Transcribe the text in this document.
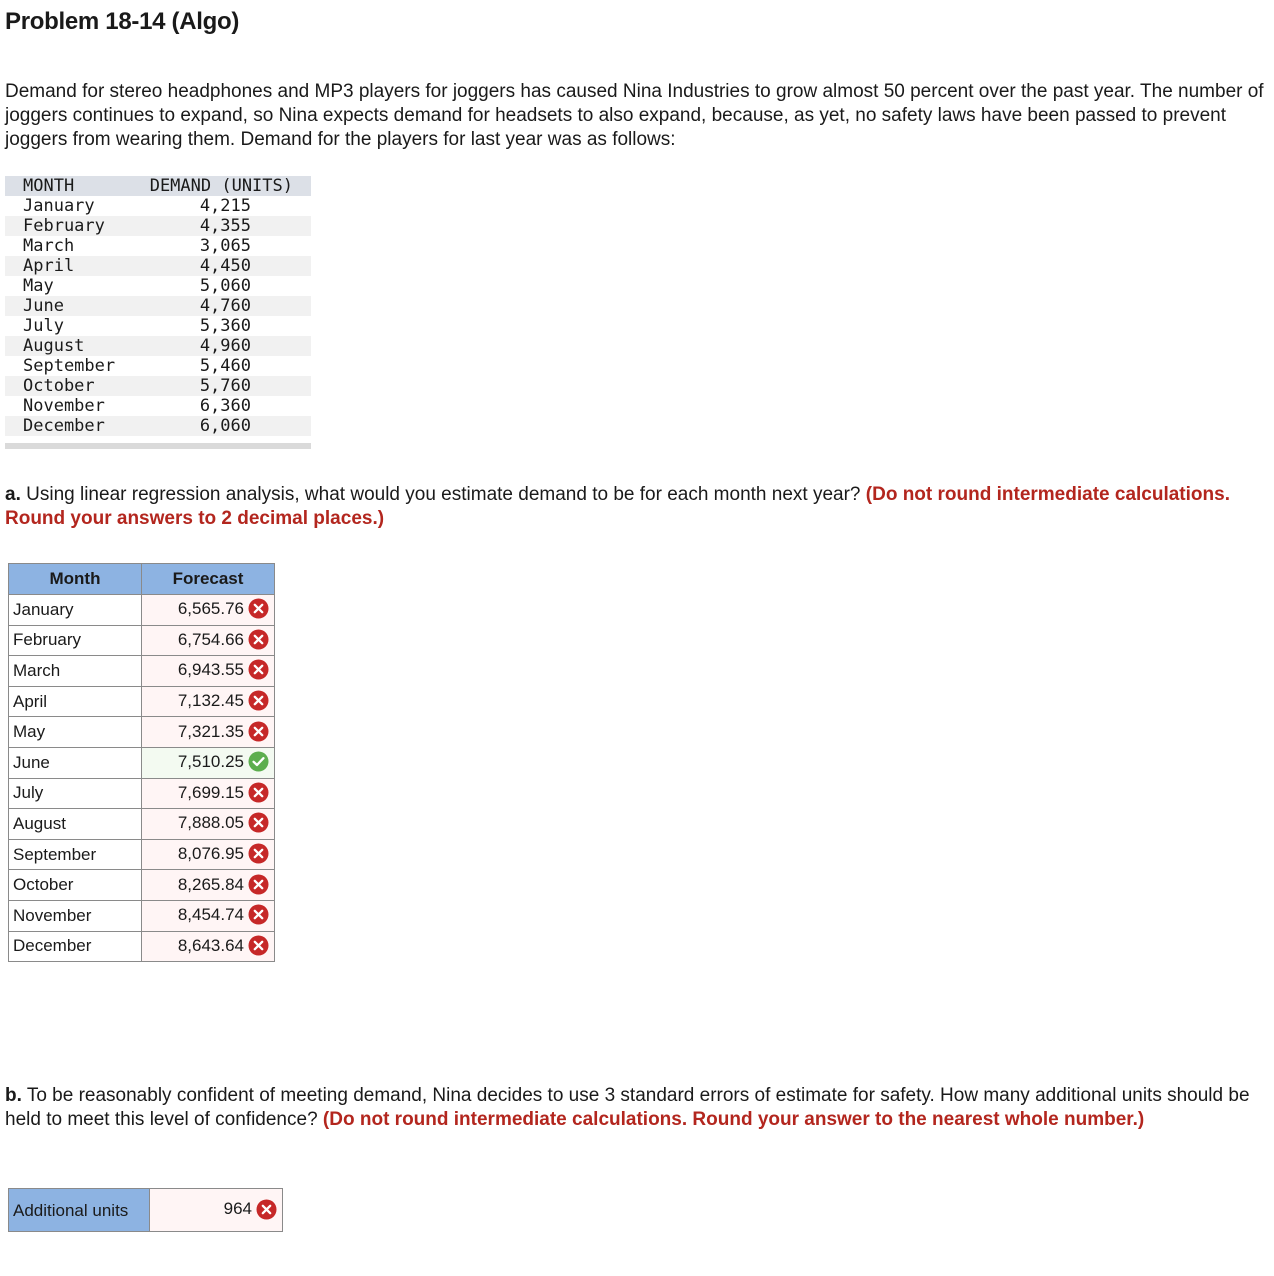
Problem 18-14 (Algo)

Demand for stereo headphones and MP3 players for joggers has caused Nina Industries to grow almost 50 percent over the past year. The number of joggers continues to expand, so Nina expects demand for headsets to also expand, because, as yet, no safety laws have been passed to prevent joggers from wearing them. Demand for the players for last year was as follows:

MONTH	DEMAND (UNITS)
January	4,215
February	4,355
March	3,065
April	4,450
May	5,060
June	4,760
July	5,360
August	4,960
September	5,460
October	5,760
November	6,360
December	6,060

a. Using linear regression analysis, what would you estimate demand to be for each month next year? (Do not round intermediate calculations. Round your answers to 2 decimal places.)

Month	Forecast
January	6,565.76

February	6,754.66

March	6,943.55

April	7,132.45

May	7,321.35

June	7,510.25

July	7,699.15

August	7,888.05

September	8,076.95

October	8,265.84

November	8,454.74

December	8,643.64

b. To be reasonably confident of meeting demand, Nina decides to use 3 standard errors of estimate for safety. How many additional units should be held to meet this level of confidence? (Do not round intermediate calculations. Round your answer to the nearest whole number.)

Additional units	964
